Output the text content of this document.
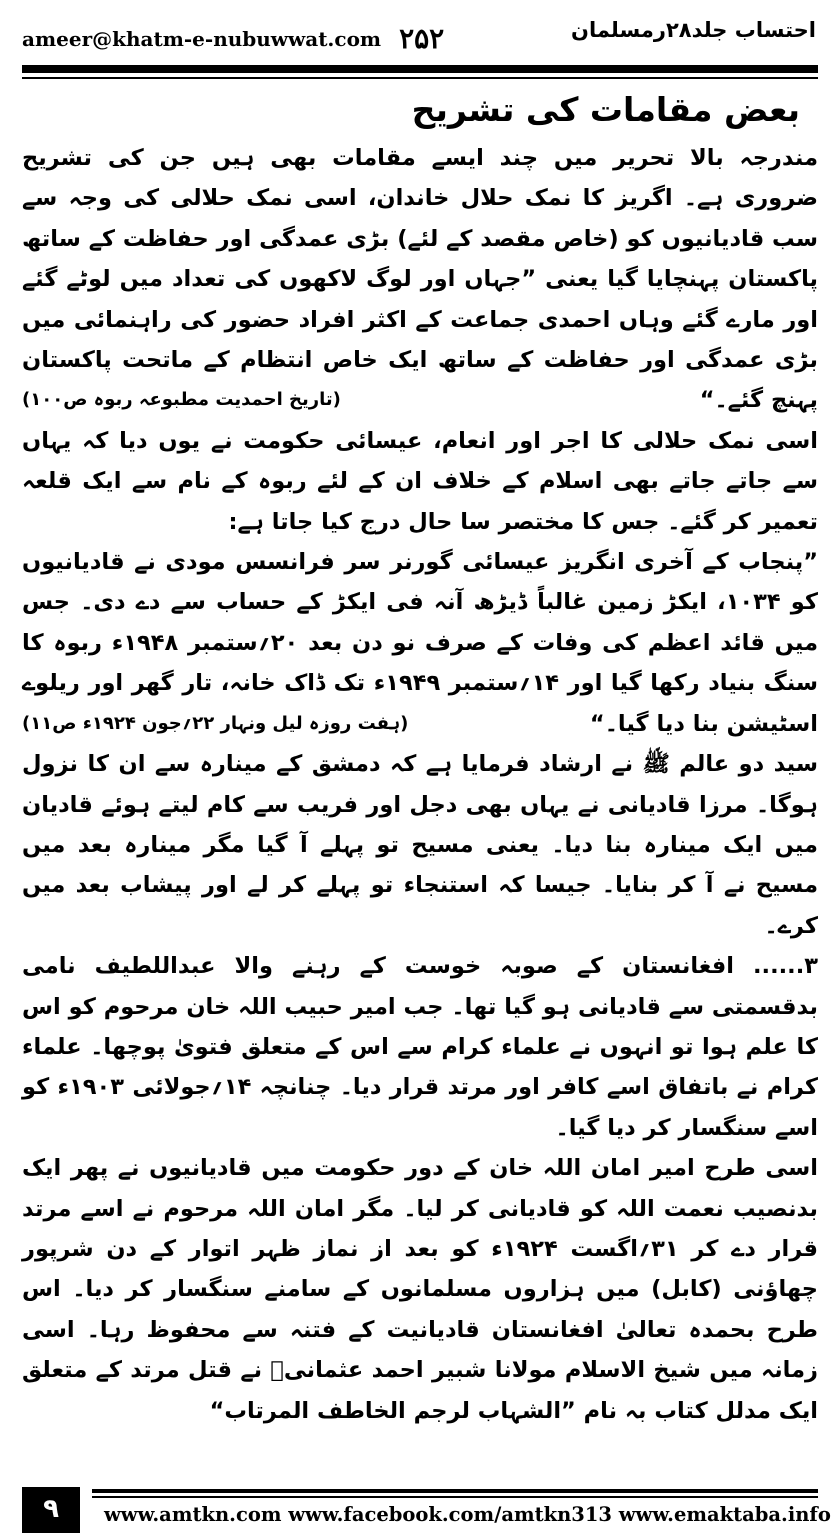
ameer@khatm-e-nubuwwat.com ۲۵۲	احتساب جلد۲۸رمسلمان
بعض مقامات کی تشریح

مندرجہ بالا تحریر میں چند ایسے مقامات بھی ہیں جن کی تشریح ضروری ہے۔ اگریز کا نمک حلال خاندان، اسی نمک حلالی کی وجہ سے سب قادیانیوں کو (خاص مقصد کے لئے) بڑی عمدگی اور حفاظت کے ساتھ پاکستان پہنچایا گیا یعنی ”جہاں اور لوگ لاکھوں کی تعداد میں لوٹے گئے اور مارے گئے وہاں احمدی جماعت کے اکثر افراد حضور کی راہنمائی میں بڑی عمدگی اور حفاظت کے ساتھ ایک خاص انتظام کے ماتحت پاکستان پہنچ گئے۔“
(تاریخ احمدیت مطبوعہ ربوہ ص۱۰۰)

اسی نمک حلالی کا اجر اور انعام، عیسائی حکومت نے یوں دیا کہ یہاں سے جاتے جاتے بھی اسلام کے خلاف ان کے لئے ربوہ کے نام سے ایک قلعہ تعمیر کر گئے۔ جس کا مختصر سا حال درج کیا جاتا ہے:

”پنجاب کے آخری انگریز عیسائی گورنر سر فرانسس مودی نے قادیانیوں کو ۱۰۳۴، ایکڑ زمین غالباً ڈیڑھ آنہ فی ایکڑ کے حساب سے دے دی۔ جس میں قائد اعظم کی وفات کے صرف نو دن بعد ۲۰؍ستمبر ۱۹۴۸ء ربوہ کا سنگ بنیاد رکھا گیا اور ۱۴؍ستمبر ۱۹۴۹ء تک ڈاک خانہ، تار گھر اور ریلوے اسٹیشن بنا دیا گیا۔“
(ہفت روزہ لیل ونہار ۲۲؍جون ۱۹۲۴ء ص۱۱)

سید دو عالم ﷺ نے ارشاد فرمایا ہے کہ دمشق کے مینارہ سے ان کا نزول ہوگا۔ مرزا قادیانی نے یہاں بھی دجل اور فریب سے کام لیتے ہوئے قادیان میں ایک مینارہ بنا دیا۔ یعنی مسیح تو پہلے آ گیا مگر مینارہ بعد میں مسیح نے آ کر بنایا۔ جیسا کہ استنجاء تو پہلے کر لے اور پیشاب بعد میں کرے۔

۳...... افغانستان کے صوبہ خوست کے رہنے والا عبداللطیف نامی بدقسمتی سے قادیانی ہو گیا تھا۔ جب امیر حبیب اللہ خان مرحوم کو اس کا علم ہوا تو انہوں نے علماء کرام سے اس کے متعلق فتویٰ پوچھا۔ علماء کرام نے باتفاق اسے کافر اور مرتد قرار دیا۔ چنانچہ ۱۴؍جولائی ۱۹۰۳ء کو اسے سنگسار کر دیا گیا۔

اسی طرح امیر امان اللہ خان کے دور حکومت میں قادیانیوں نے پھر ایک بدنصیب نعمت اللہ کو قادیانی کر لیا۔ مگر امان اللہ مرحوم نے اسے مرتد قرار دے کر ۳۱؍اگست ۱۹۲۴ء کو بعد از نماز ظہر اتوار کے دن شرپور چھاؤنی (کابل) میں ہزاروں مسلمانوں کے سامنے سنگسار کر دیا۔ اس طرح بحمدہ تعالیٰ افغانستان قادیانیت کے فتنہ سے محفوظ رہا۔ اسی زمانہ میں شیخ الاسلام مولانا شبیر احمد عثمانیؒ نے قتل مرتد کے متعلق ایک مدلل کتاب بہ نام ”الشہاب لرجم الخاطف المرتاب“

۹	www.amtkn.com www.facebook.com/amtkn313 www.emaktaba.info
